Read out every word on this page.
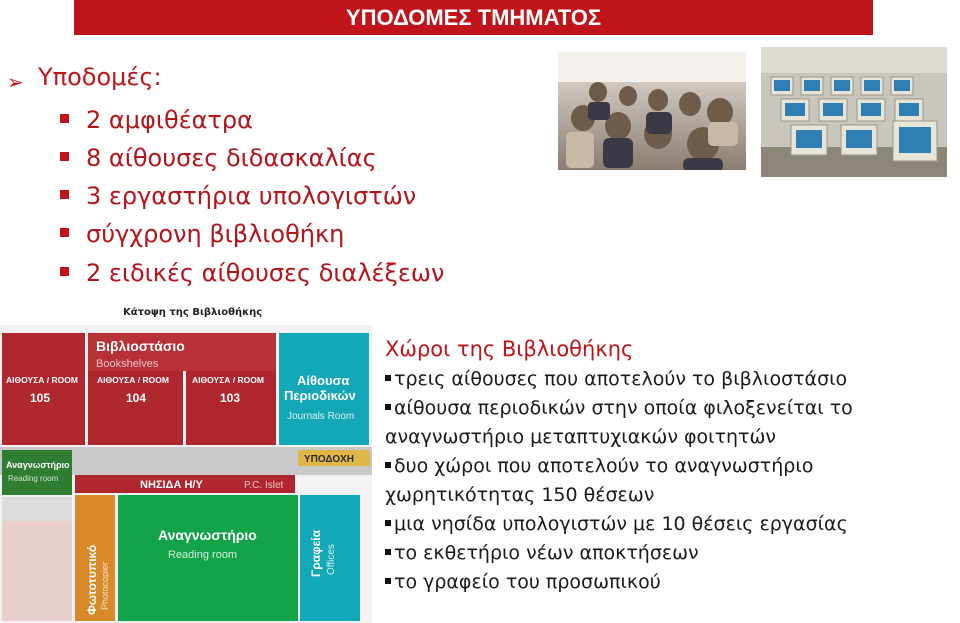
ΥΠΟΔΟΜΕΣ ΤΜΗΜΑΤΟΣ
➢ Υποδομές:
2 αμφιθέατρα
8 αίθουσες διδασκαλίας
3 εργαστήρια υπολογιστών
σύγχρονη βιβλιοθήκη
2 ειδικές αίθουσες διαλέξεων
Κάτοψη της Βιβλιοθήκης
Βιβλιοστάσιο
Bookshelves
ΑΙΘΟΥΣΑ / ROOM
105
ΑΙΘΟΥΣΑ / ROOM
104
ΑΙΘΟΥΣΑ / ROOM
103
Αίθουσα
Περιοδικών
Journals Room
ΥΠΟΔΟΧΗ
Αναγνωστήριο
Reading room
ΝΗΣΙΔΑ Η/Υ	P.C. Islet
Φωτοτυπικό Photocopier
Αναγνωστήριο
Reading room	Γραφεία Offices
Χώροι της Βιβλιοθήκης
τρεις αίθουσες που αποτελούν το βιβλιοστάσιο
αίθουσα περιοδικών στην οποία φιλοξενείται το
αναγνωστήριο μεταπτυχιακών φοιτητών
δυο χώροι που αποτελούν το αναγνωστήριο
χωρητικότητας 150 θέσεων
μια νησίδα υπολογιστών με 10 θέσεις εργασίας
το εκθετήριο νέων αποκτήσεων
το γραφείο του προσωπικού
